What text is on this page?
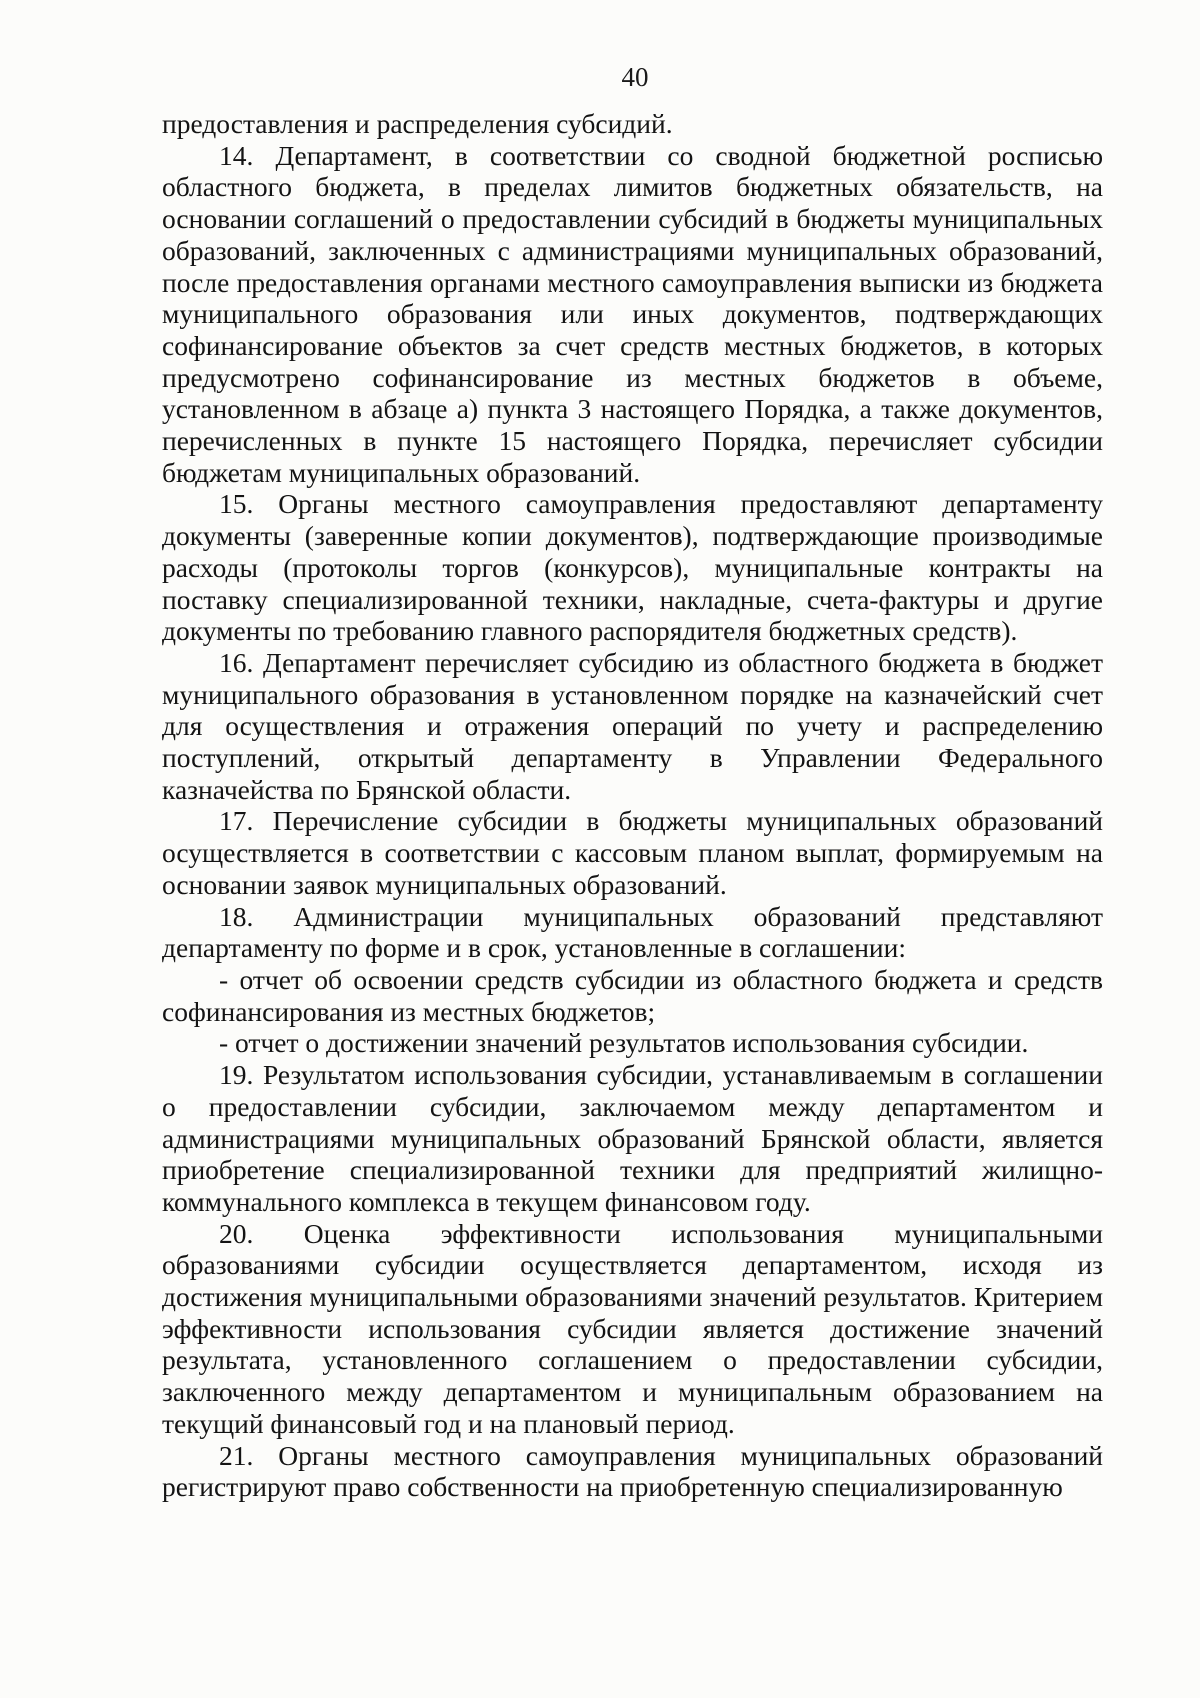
40

предоставления и распределения субсидий.

14. Департамент, в соответствии со сводной бюджетной росписью областного бюджета, в пределах лимитов бюджетных обязательств, на основании соглашений о предоставлении субсидий в бюджеты муниципальных образований, заключенных с администрациями муниципальных образований, после предоставления органами местного самоуправления выписки из бюджета муниципального образования или иных документов, подтверждающих софинансирование объектов за счет средств местных бюджетов, в которых предусмотрено софинансирование из местных бюджетов в объеме, установленном в абзаце а) пункта 3 настоящего Порядка, а также документов, перечисленных в пункте 15 настоящего Порядка, перечисляет субсидии бюджетам муниципальных образований.

15. Органы местного самоуправления предоставляют департаменту документы (заверенные копии документов), подтверждающие производимые расходы (протоколы торгов (конкурсов), муниципальные контракты на поставку специализированной техники, накладные, счета-фактуры и другие документы по требованию главного распорядителя бюджетных средств).

16. Департамент перечисляет субсидию из областного бюджета в бюджет муниципального образования в установленном порядке на казначейский счет для осуществления и отражения операций по учету и распределению поступлений, открытый департаменту в Управлении Федерального казначейства по Брянской области.

17. Перечисление субсидии в бюджеты муниципальных образований осуществляется в соответствии с кассовым планом выплат, формируемым на основании заявок муниципальных образований.

18. Администрации муниципальных образований представляют департаменту по форме и в срок, установленные в соглашении:

- отчет об освоении средств субсидии из областного бюджета и средств софинансирования из местных бюджетов;

- отчет о достижении значений результатов использования субсидии.

19. Результатом использования субсидии, устанавливаемым в соглашении о предоставлении субсидии, заключаемом между департаментом и администрациями муниципальных образований Брянской области, является приобретение специализированной техники для предприятий жилищно-коммунального комплекса в текущем финансовом году.

20. Оценка эффективности использования муниципальными образованиями субсидии осуществляется департаментом, исходя из достижения муниципальными образованиями значений результатов. Критерием эффективности использования субсидии является достижение значений результата, установленного соглашением о предоставлении субсидии, заключенного между департаментом и муниципальным образованием на текущий финансовый год и на плановый период.

21. Органы местного самоуправления муниципальных образований регистрируют право собственности на приобретенную специализированную
